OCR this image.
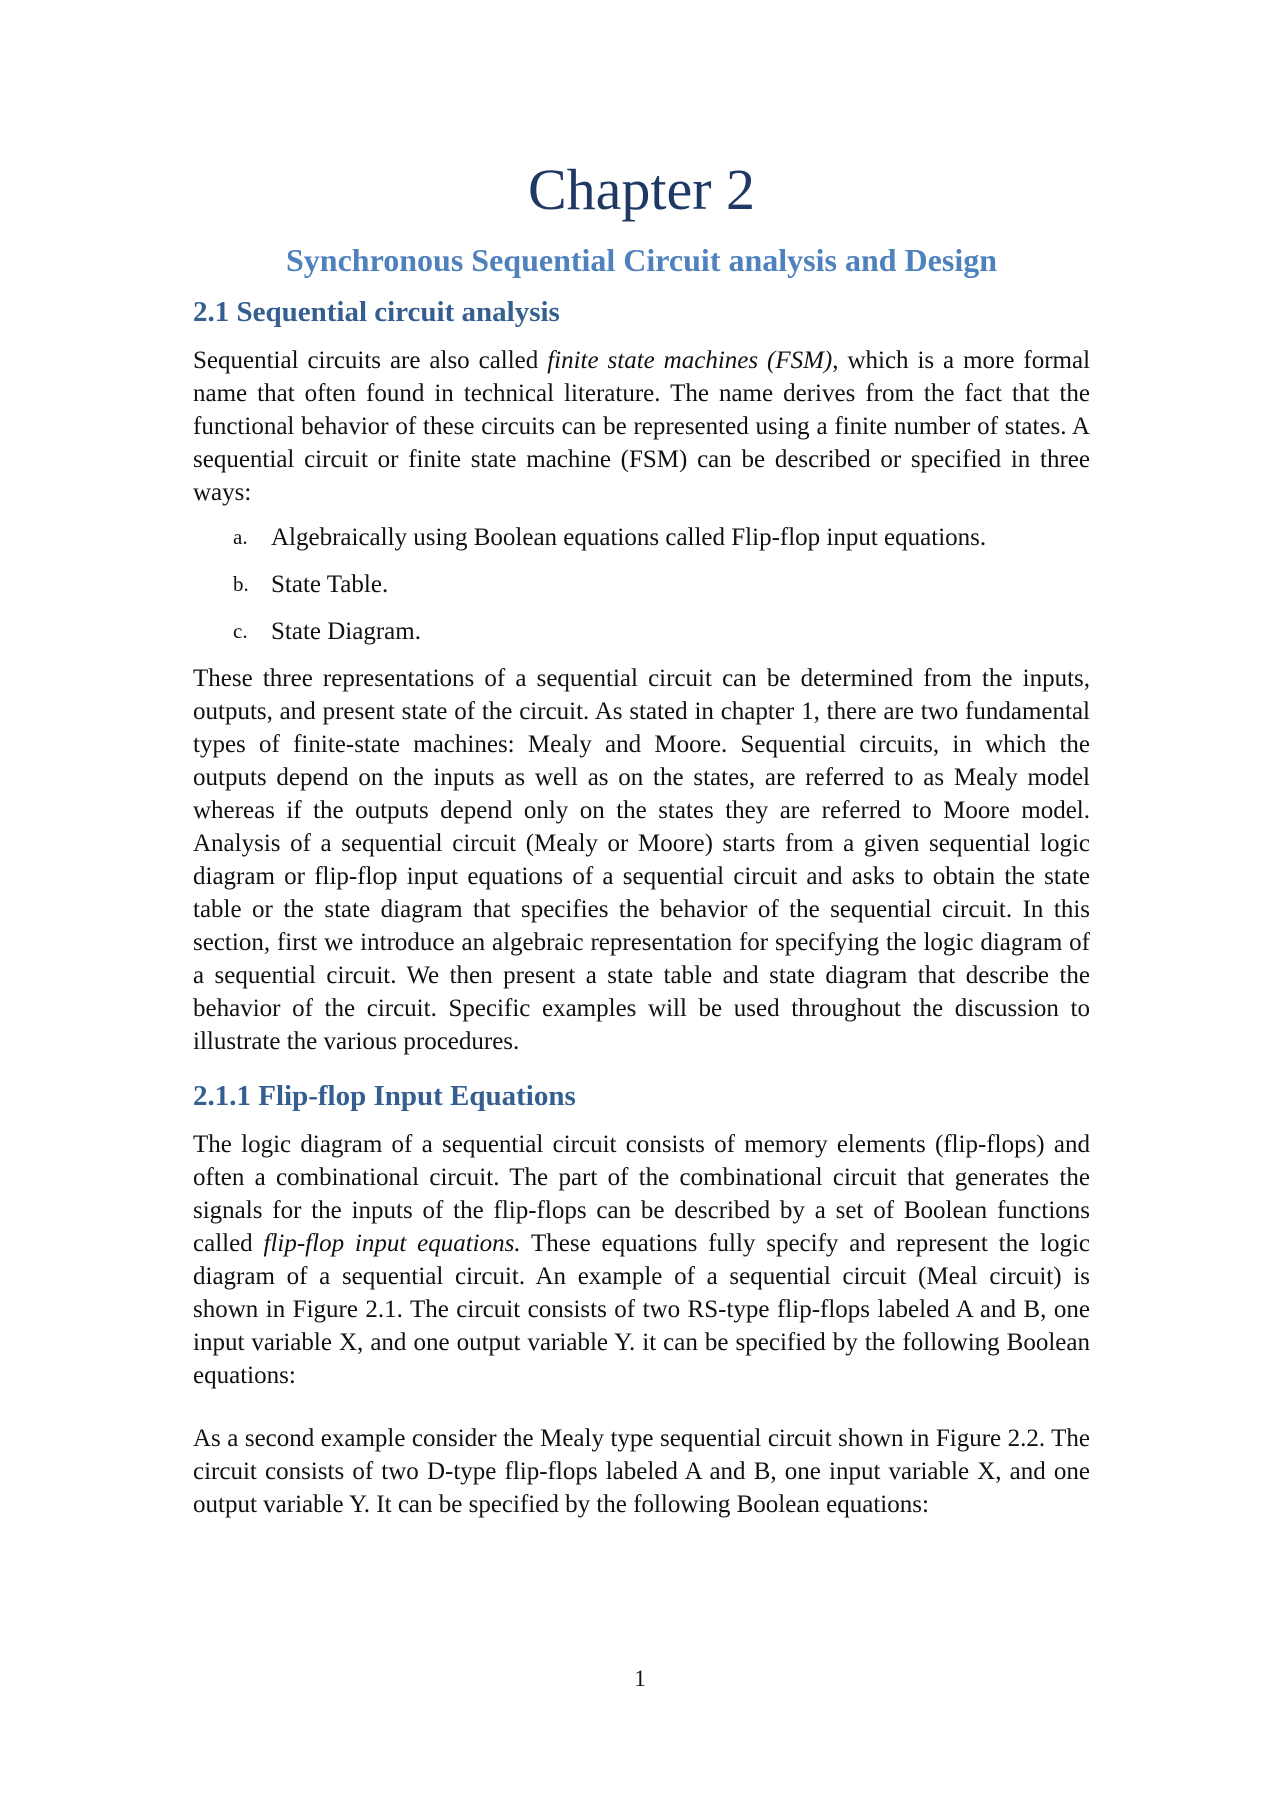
Chapter 2
Synchronous Sequential Circuit analysis and Design
2.1 Sequential circuit analysis

Sequential circuits are also called finite state machines (FSM), which is a more formal name that often found in technical literature. The name derives from the fact that the functional behavior of these circuits can be represented using a finite number of states. A sequential circuit or finite state machine (FSM) can be described or specified in three ways:

a. Algebraically using Boolean equations called Flip-flop input equations.
b. State Table.
c. State Diagram.

These three representations of a sequential circuit can be determined from the inputs, outputs, and present state of the circuit. As stated in chapter 1, there are two fundamental types of finite-state machines: Mealy and Moore. Sequential circuits, in which the outputs depend on the inputs as well as on the states, are referred to as Mealy model whereas if the outputs depend only on the states they are referred to Moore model. Analysis of a sequential circuit (Mealy or Moore) starts from a given sequential logic diagram or flip-flop input equations of a sequential circuit and asks to obtain the state table or the state diagram that specifies the behavior of the sequential circuit. In this section, first we introduce an algebraic representation for specifying the logic diagram of a sequential circuit. We then present a state table and state diagram that describe the behavior of the circuit. Specific examples will be used throughout the discussion to illustrate the various procedures.

2.1.1 Flip-flop Input Equations

The logic diagram of a sequential circuit consists of memory elements (flip-flops) and often a combinational circuit. The part of the combinational circuit that generates the signals for the inputs of the flip-flops can be described by a set of Boolean functions called flip-flop input equations. These equations fully specify and represent the logic diagram of a sequential circuit. An example of a sequential circuit (Meal circuit) is shown in Figure 2.1. The circuit consists of two RS-type flip-flops labeled A and B, one input variable X, and one output variable Y. it can be specified by the following Boolean equations:

As a second example consider the Mealy type sequential circuit shown in Figure 2.2. The circuit consists of two D-type flip-flops labeled A and B, one input variable X, and one output variable Y. It can be specified by the following Boolean equations:

1
